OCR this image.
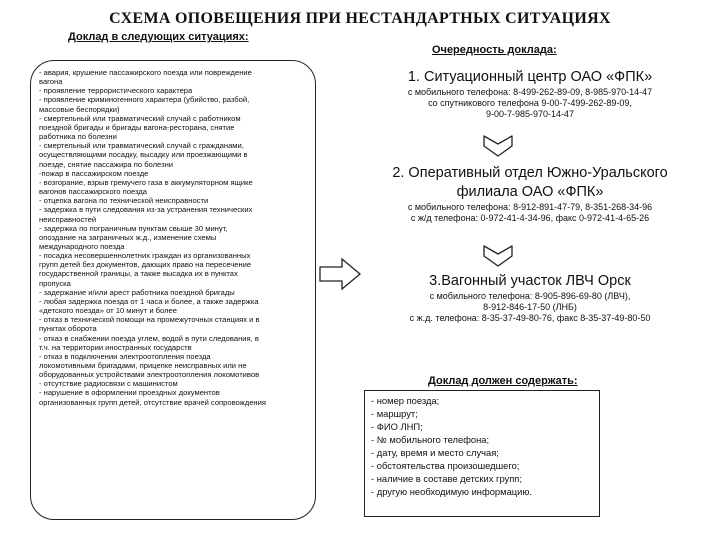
СХЕМА ОПОВЕЩЕНИЯ ПРИ НЕСТАНДАРТНЫХ СИТУАЦИЯХ
Доклад в следующих ситуациях:
Очередность доклада:
- авария, крушение пассажирского поезда или повреждение
вагона
- проявление террористического характера
- проявление криминогенного характера (убийство, разбой,
массовые беспорядки)
- смертельный или травматический случай с работником
поездной бригады и бригады вагона-ресторана, снятие
работника по болезни
- смертельный или травматический случай с гражданами,
осуществляющими посадку, высадку или проезжающими в
поезде, снятие пассажира по болезни
-пожар в пассажирском поезде
- возгорание, взрыв гремучего газа в аккумуляторном ящике
вагонов пассажирского поезда
- отцепка вагона по технической неисправности
- задержка в пути следования из-за устранения технических
неисправностей
- задержка по пограничным пунктам свыше 30 минут,
опоздание на заграничных ж.д., изменение схемы
международного поезда
- посадка несовершеннолетних граждан из организованных
групп детей без документов, дающих право на пересечение
государственной границы, а также высадка их в пунктах
пропуска
- задержание и/или арест работника поездной бригады
- любая задержка поезда от 1 часа и более, а также задержка
«детского поезда» от 10 минут и более
- отказ в технической помощи на промежуточных станциях и в
пунктах оборота
- отказ в снабжении поезда углем, водой в пути следования, в
т.ч. на территории иностранных государств
- отказ в подключении электроотопления поезда
локомотивными бригадами, прицепке неисправных или не
оборудованных устройствами электроотопления локомотивов
- отсутствие радиосвязи с машинистом
- нарушение в оформлении проездных документов
организованных групп детей, отсутствие врачей сопровождения
1. Ситуационный центр ОАО «ФПК»
с мобильного телефона: 8-499-262-89-09, 8-985-970-14-47
со спутникового телефона 9-00-7-499-262-89-09,
9-00-7-985-970-14-47
2. Оперативный отдел Южно-Уральского
филиала ОАО «ФПК»
с мобильного телефона: 8-912-891-47-79, 8-351-268-34-96
с ж/д телефона: 0-972-41-4-34-96, факс 0-972-41-4-65-26
3.Вагонный участок ЛВЧ Орск
с мобильного телефона: 8-905-896-69-80 (ЛВЧ),
8-912-846-17-50 (ЛНБ)
с ж.д. телефона: 8-35-37-49-80-76, факс 8-35-37-49-80-50
Доклад должен содержать:
- номер поезда;
- маршрут;
- ФИО ЛНП;
- № мобильного телефона;
- дату, время и место случая;
- обстоятельства произошедшего;
- наличие в составе детских групп;
- другую необходимую информацию.
